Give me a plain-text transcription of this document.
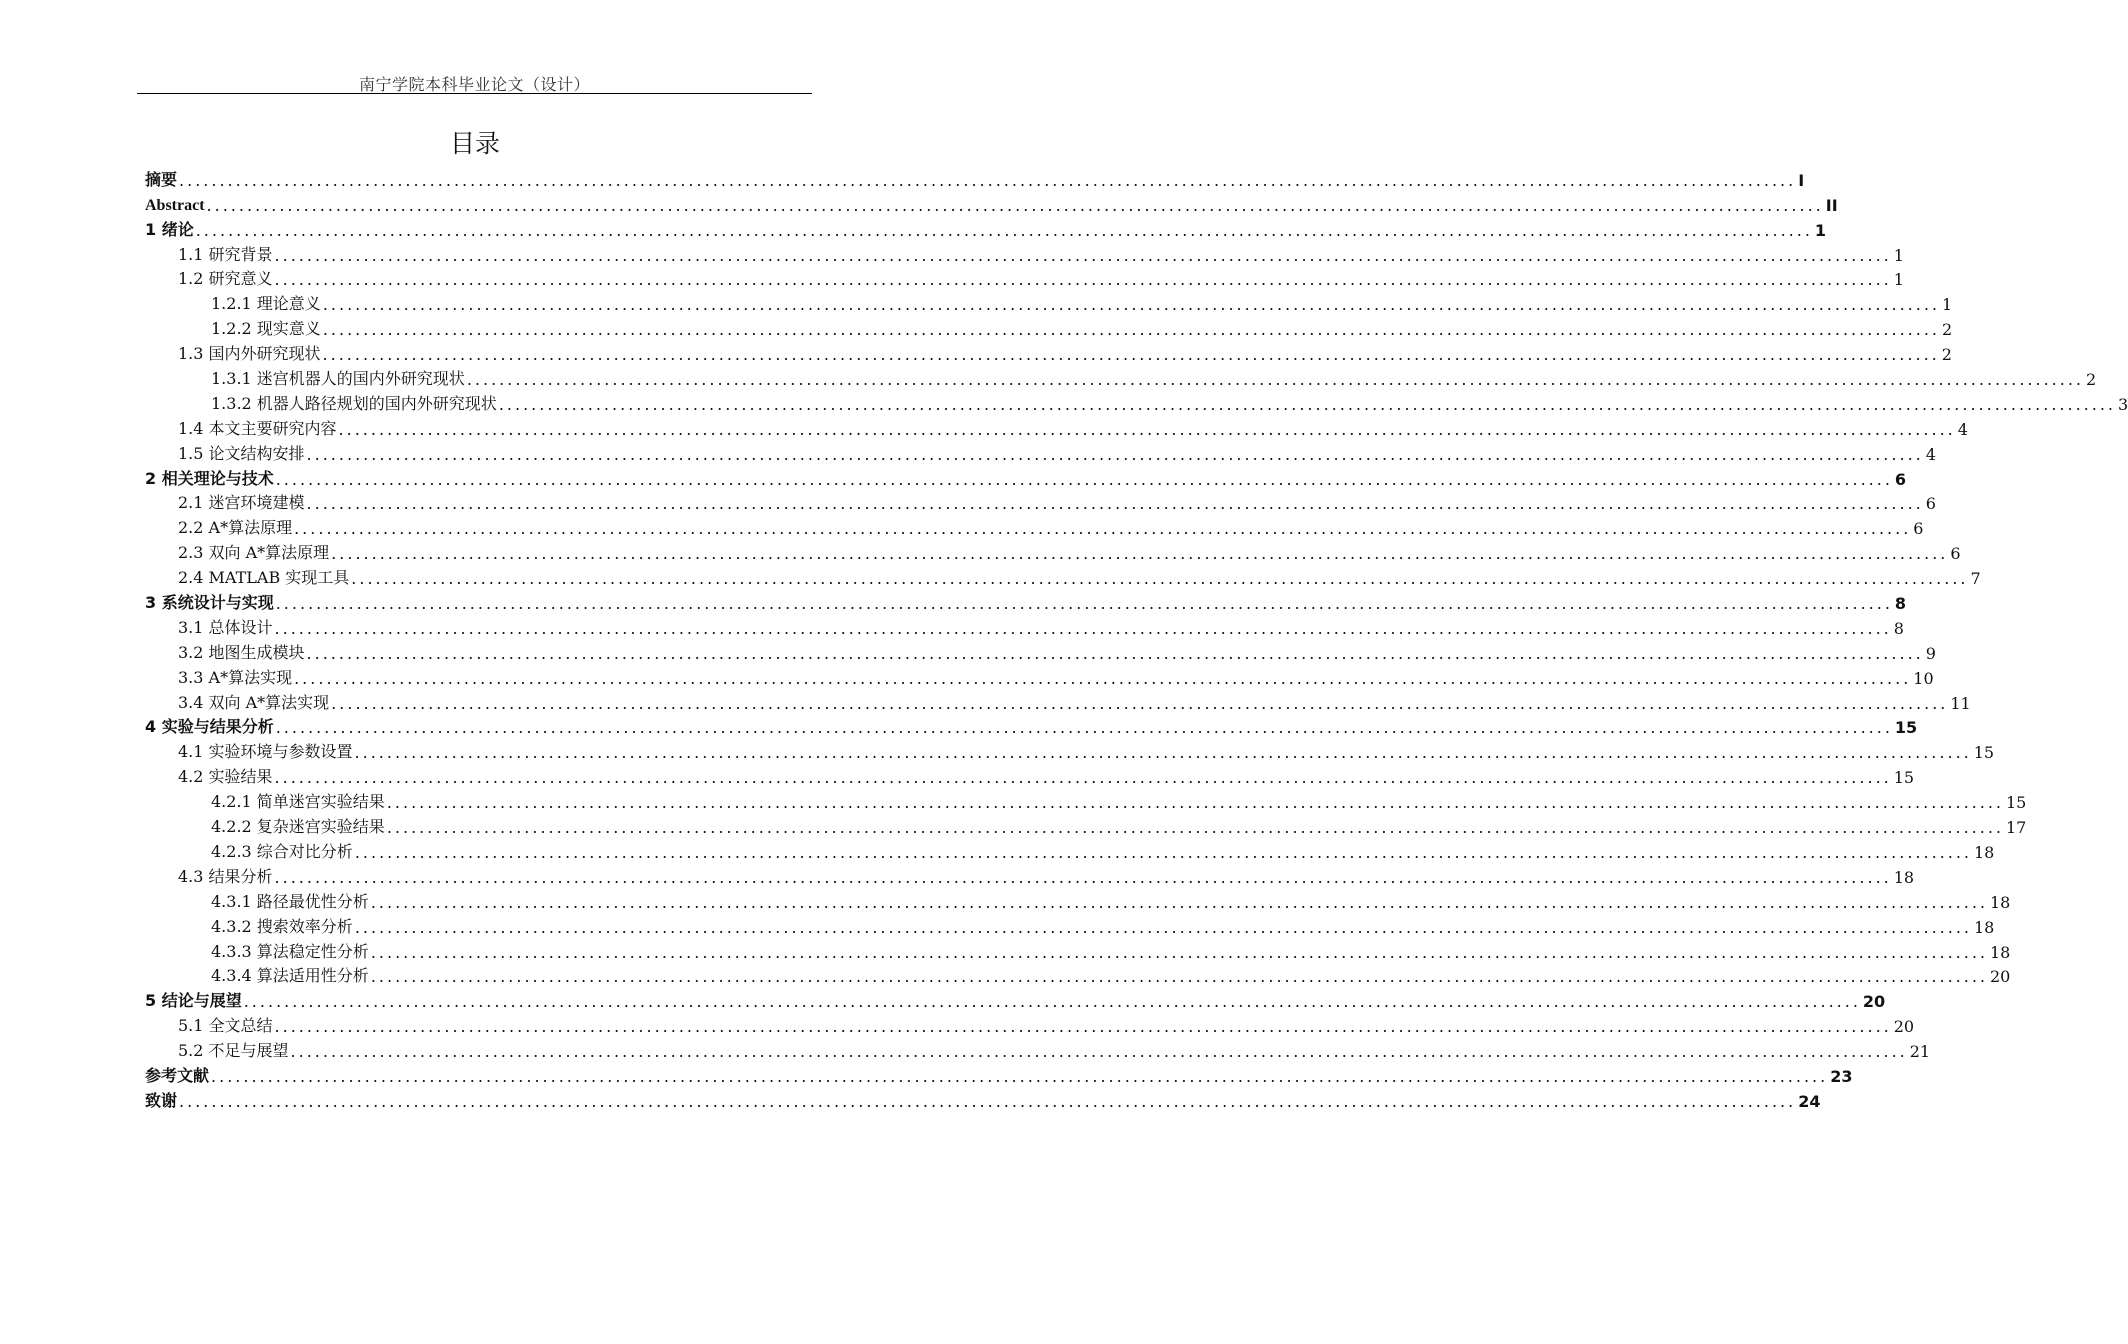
南宁学院本科毕业论文（设计）
目录
摘要 ........................................................................................................................................................................................................ I
Abstract ........................................................................................................................................................................................................ II
1 绪论 ........................................................................................................................................................................................................ 1
1.1 研究背景 ........................................................................................................................................................................................................ 1
1.2 研究意义 ........................................................................................................................................................................................................ 1
1.2.1 理论意义 ........................................................................................................................................................................................................ 1
1.2.2 现实意义 ........................................................................................................................................................................................................ 2
1.3 国内外研究现状 ........................................................................................................................................................................................................ 2
1.3.1 迷宫机器人的国内外研究现状 ........................................................................................................................................................................................................ 2
1.3.2 机器人路径规划的国内外研究现状 ........................................................................................................................................................................................................ 3
1.4 本文主要研究内容 ........................................................................................................................................................................................................ 4
1.5 论文结构安排 ........................................................................................................................................................................................................ 4
2 相关理论与技术 ........................................................................................................................................................................................................ 6
2.1 迷宫环境建模 ........................................................................................................................................................................................................ 6
2.2 A*算法原理 ........................................................................................................................................................................................................ 6
2.3 双向 A*算法原理 ........................................................................................................................................................................................................ 6
2.4 MATLAB 实现工具 ........................................................................................................................................................................................................ 7
3 系统设计与实现 ........................................................................................................................................................................................................ 8
3.1 总体设计 ........................................................................................................................................................................................................ 8
3.2 地图生成模块 ........................................................................................................................................................................................................ 9
3.3 A*算法实现 ........................................................................................................................................................................................................ 10
3.4 双向 A*算法实现 ........................................................................................................................................................................................................ 11
4 实验与结果分析 ........................................................................................................................................................................................................ 15
4.1 实验环境与参数设置 ........................................................................................................................................................................................................ 15
4.2 实验结果 ........................................................................................................................................................................................................ 15
4.2.1 简单迷宫实验结果 ........................................................................................................................................................................................................ 15
4.2.2 复杂迷宫实验结果 ........................................................................................................................................................................................................ 17
4.2.3 综合对比分析 ........................................................................................................................................................................................................ 18
4.3 结果分析 ........................................................................................................................................................................................................ 18
4.3.1 路径最优性分析 ........................................................................................................................................................................................................ 18
4.3.2 搜索效率分析 ........................................................................................................................................................................................................ 18
4.3.3 算法稳定性分析 ........................................................................................................................................................................................................ 18
4.3.4 算法适用性分析 ........................................................................................................................................................................................................ 20
5 结论与展望 ........................................................................................................................................................................................................ 20
5.1 全文总结 ........................................................................................................................................................................................................ 20
5.2 不足与展望 ........................................................................................................................................................................................................ 21
参考文献 ........................................................................................................................................................................................................ 23
致谢 ........................................................................................................................................................................................................ 24
